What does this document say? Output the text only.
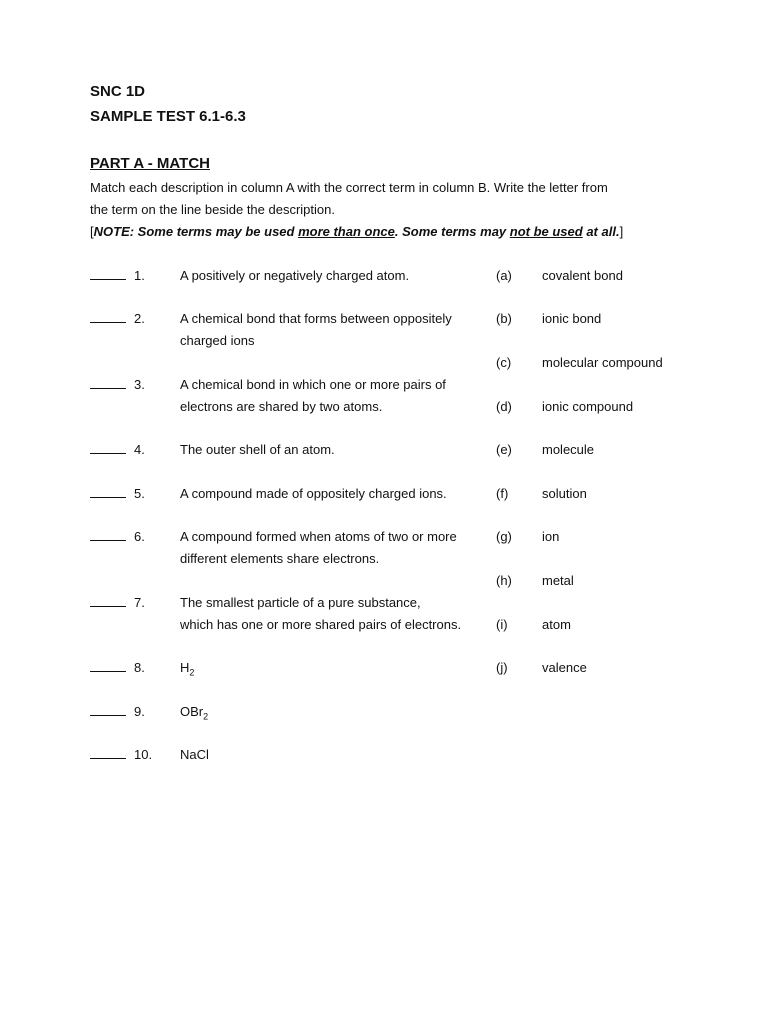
SNC 1D
SAMPLE TEST 6.1-6.3
PART A - MATCH
Match each description in column A with the correct term in column B. Write the letter from
the term on the line beside the description.
[NOTE: Some terms may be used more than once. Some terms may not be used at all.]
1.	A positively or negatively charged atom.
2.	A chemical bond that forms between oppositely
charged ions
3.	A chemical bond in which one or more pairs of
electrons are shared by two atoms.
4.	The outer shell of an atom.
5.	A compound made of oppositely charged ions.
6.	A compound formed when atoms of two or more
different elements share electrons.
7.	The smallest particle of a pure substance,
which has one or more shared pairs of electrons.
8.	$H_2$
9.	OBr$_2$
10. NaCl
(a) covalent bond
(b) ionic bond
(c) molecular compound
(d) ionic compound
(e) molecule
(f)	solution
(g) ion
(h) metal
(i)	atom
(j)	valence
